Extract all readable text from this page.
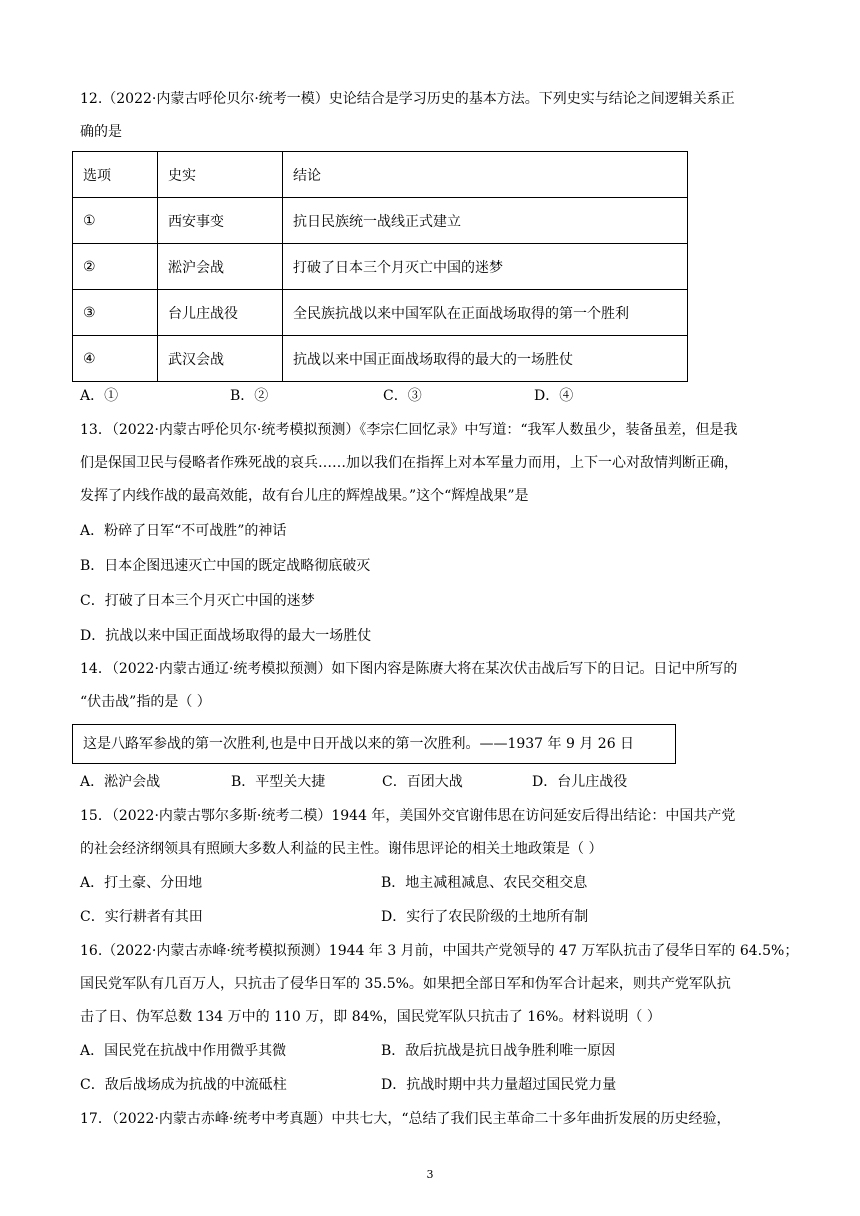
12.（2022·内蒙古呼伦贝尔·统考一模）史论结合是学习历史的基本方法。下列史实与结论之间逻辑关系正
确的是
选项	史实	结论
①	西安事变	抗日民族统一战线正式建立
②	淞沪会战	打破了日本三个月灭亡中国的迷梦
③	台儿庄战役	全民族抗战以来中国军队在正面战场取得的第一个胜利
④	武汉会战	抗战以来中国正面战场取得的最大的一场胜仗
A．①	B．②	C．③	D．④
13．（2022·内蒙古呼伦贝尔·统考模拟预测）《李宗仁回忆录》中写道：“我军人数虽少，装备虽差，但是我
们是保国卫民与侵略者作殊死战的哀兵……加以我们在指挥上对本军量力而用，上下一心对敌情判断正确，
发挥了内线作战的最高效能，故有台儿庄的辉煌战果。”这个“辉煌战果”是
A．粉碎了日军“不可战胜”的神话
B．日本企图迅速灭亡中国的既定战略彻底破灭
C．打破了日本三个月灭亡中国的迷梦
D．抗战以来中国正面战场取得的最大一场胜仗
14．（2022·内蒙古通辽·统考模拟预测）如下图内容是陈赓大将在某次伏击战后写下的日记。日记中所写的
“伏击战”指的是（ ）
这是八路军参战的第一次胜利,也是中日开战以来的第一次胜利。——1937 年 9 月 26 日
A．淞沪会战	B．平型关大捷	C．百团大战	D．台儿庄战役
15．（2022·内蒙古鄂尔多斯·统考二模）1944 年，美国外交官谢伟思在访问延安后得出结论：中国共产党
的社会经济纲领具有照顾大多数人利益的民主性。谢伟思评论的相关土地政策是（ ）
A．打土豪、分田地	B．地主减租减息、农民交租交息
C．实行耕者有其田	D．实行了农民阶级的土地所有制
16.（2022·内蒙古赤峰·统考模拟预测）1944 年 3 月前，中国共产党领导的 47 万军队抗击了侵华日军的 64.5%；
国民党军队有几百万人，只抗击了侵华日军的 35.5%。如果把全部日军和伪军合计起来，则共产党军队抗
击了日、伪军总数 134 万中的 110 万，即 84%，国民党军队只抗击了 16%。材料说明（ ）
A．国民党在抗战中作用微乎其微	B．敌后抗战是抗日战争胜利唯一原因
C．敌后战场成为抗战的中流砥柱	D．抗战时期中共力量超过国民党力量
17．（2022·内蒙古赤峰·统考中考真题）中共七大，“总结了我们民主革命二十多年曲折发展的历史经验，
3
